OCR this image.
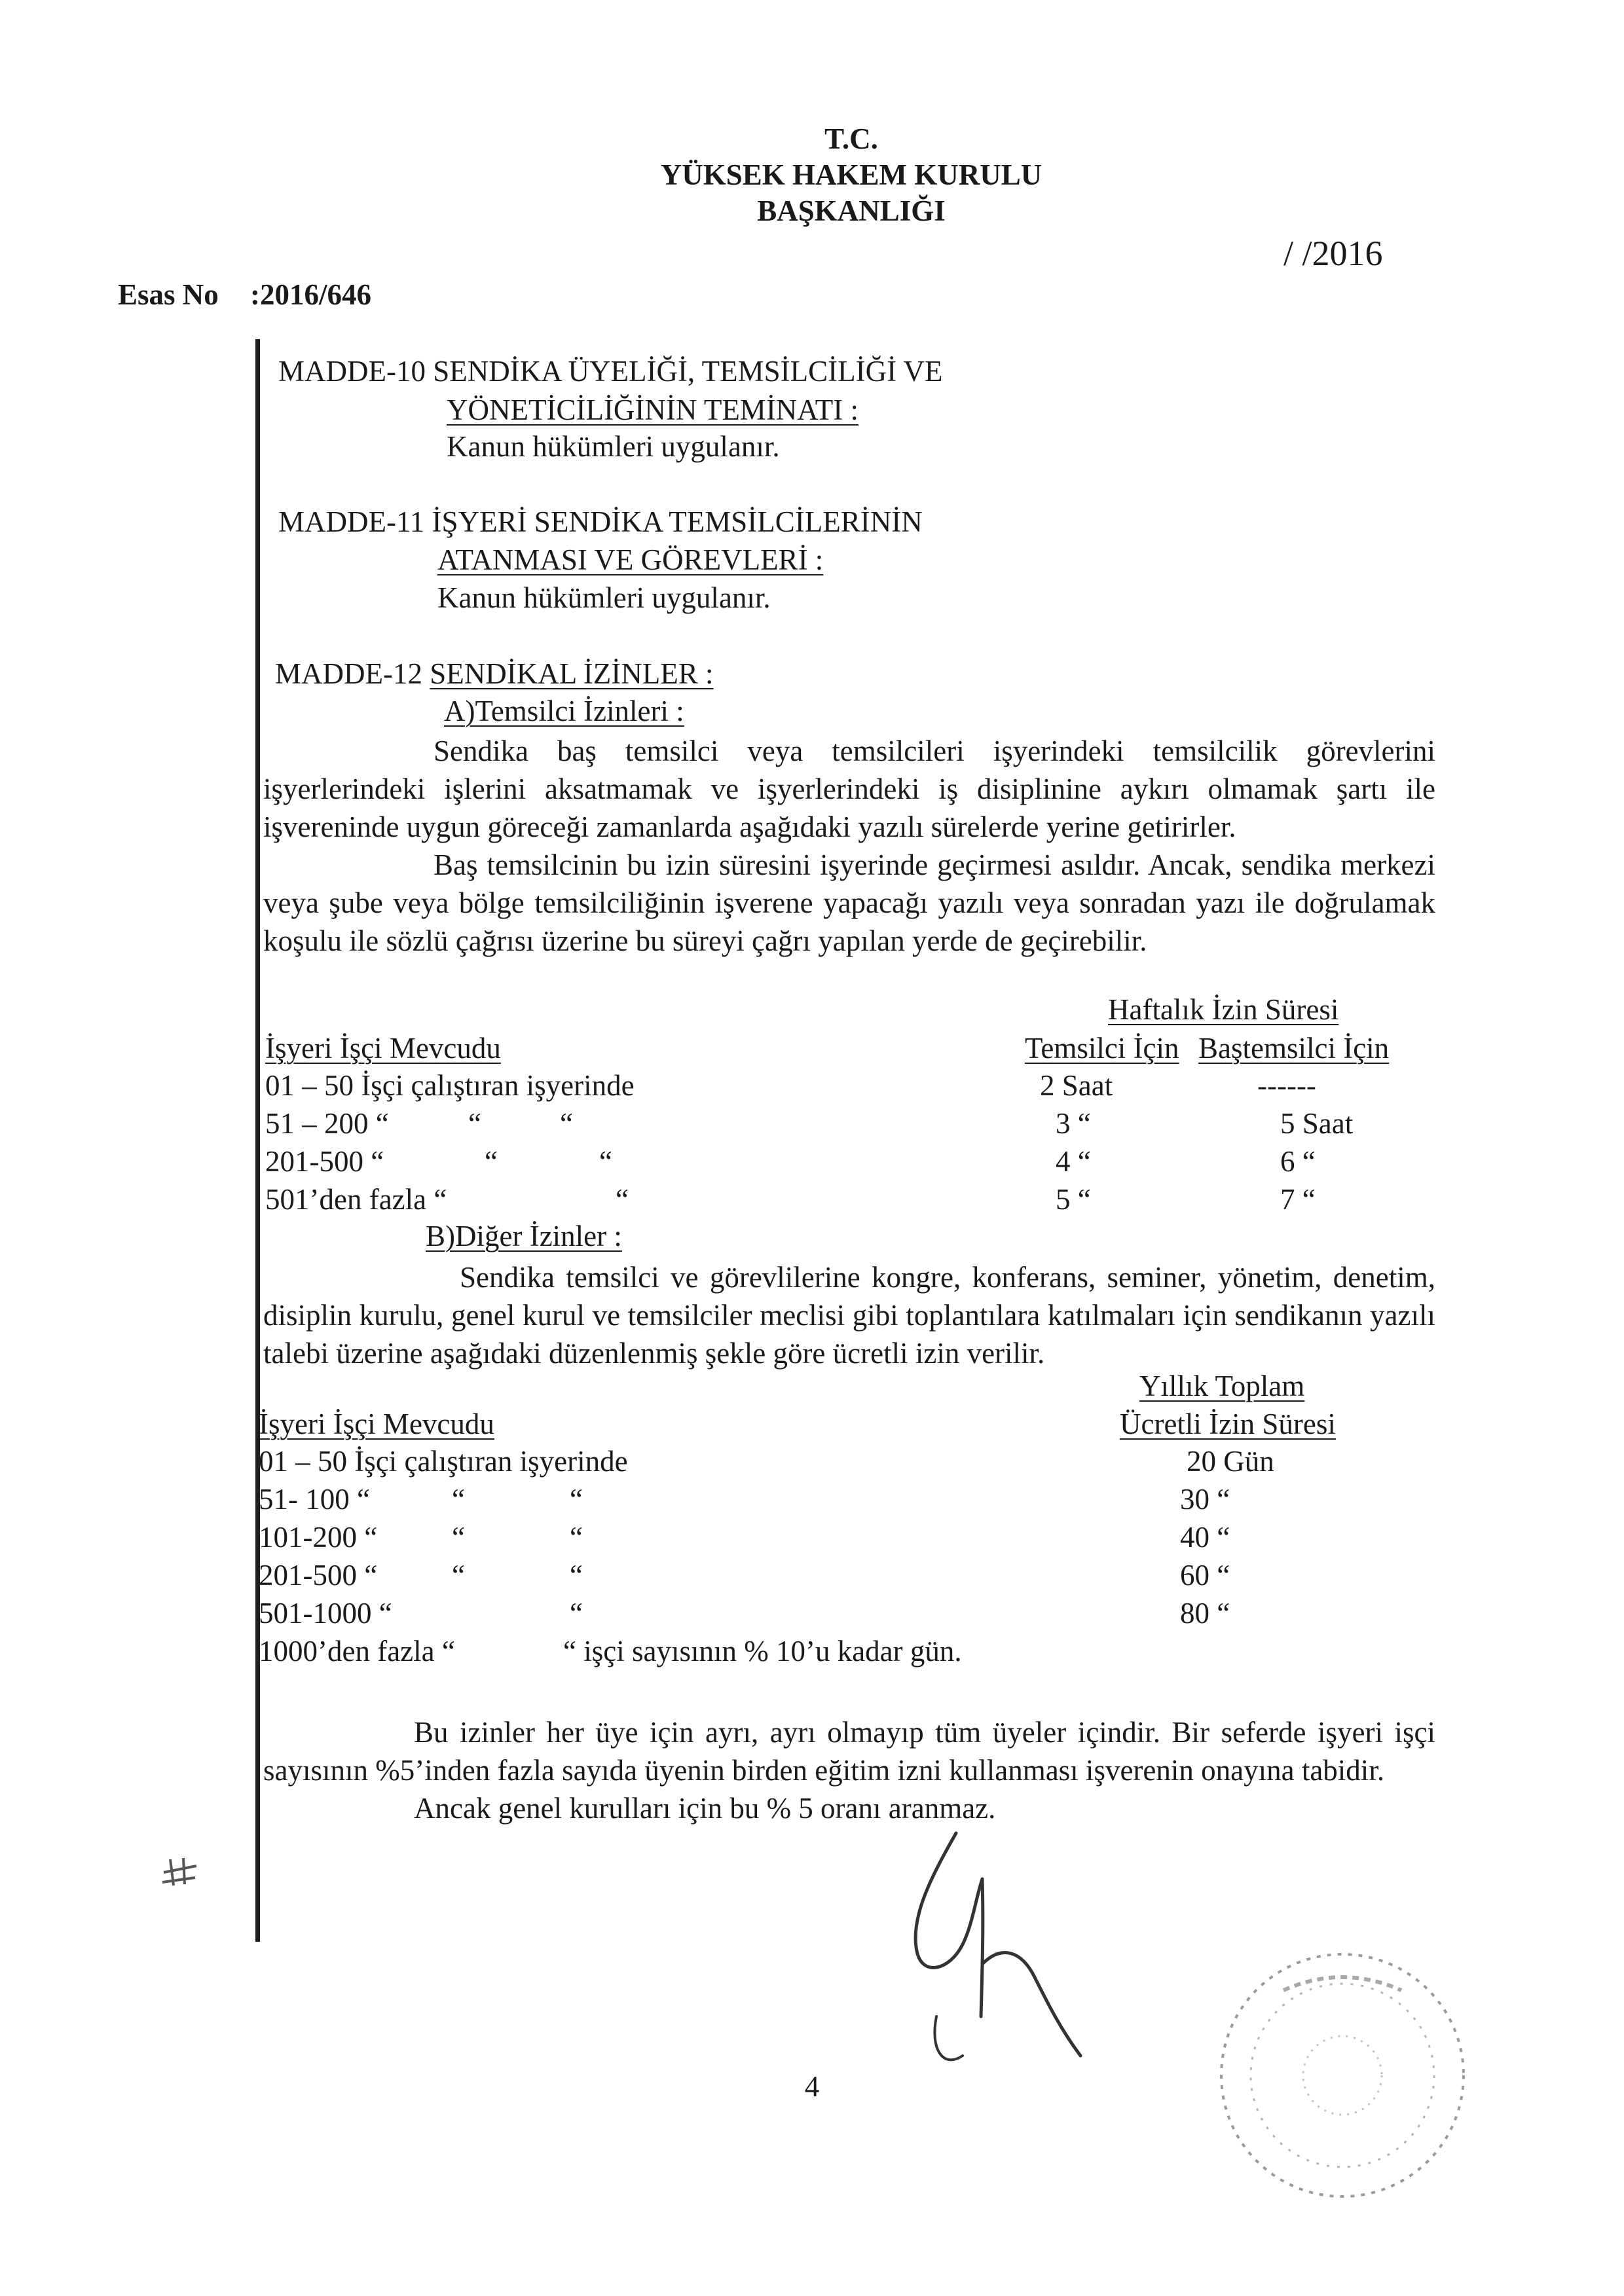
T.C.
YÜKSEK HAKEM KURULU
BAŞKANLIĞI
/ /2016
Esas No :2016/646
MADDE-10 SENDİKA ÜYELİĞİ, TEMSİLCİLİĞİ VE
YÖNETİCİLİĞİNİN TEMİNATI :
Kanun hükümleri uygulanır.
MADDE-11 İŞYERİ SENDİKA TEMSİLCİLERİNİN
ATANMASI VE GÖREVLERİ :
Kanun hükümleri uygulanır.
MADDE-12 SENDİKAL İZİNLER :
A)Temsilci İzinleri :

Sendika baş temsilci veya temsilcileri işyerindeki temsilcilik görevlerini işyerlerindeki işlerini aksatmamak ve işyerlerindeki iş disiplinine aykırı olmamak şartı ile işvereninde uygun göreceği zamanlarda aşağıdaki yazılı sürelerde yerine getirirler.

Baş temsilcinin bu izin süresini işyerinde geçirmesi asıldır. Ancak, sendika merkezi veya şube veya bölge temsilciliğinin işverene yapacağı yazılı veya sonradan yazı ile doğrulamak koşulu ile sözlü çağrısı üzerine bu süreyi çağrı yapılan yerde de geçirebilir.

Haftalık İzin Süresi
İşyeri İşçi Mevcudu	Temsilci İçin Baştemsilci İçin
01 – 50 İşçi çalıştıran işyerinde	2 Saat	------
51 – 200 “	“	“	3 “	5 Saat
201-500 “	“	“	4 “	6 “
501’den fazla “	“	5 “	7 “
B)Diğer İzinler :

Sendika temsilci ve görevlilerine kongre, konferans, seminer, yönetim, denetim, disiplin kurulu, genel kurul ve temsilciler meclisi gibi toplantılara katılmaları için sendikanın yazılı talebi üzerine aşağıdaki düzenlenmiş şekle göre ücretli izin verilir.

Yıllık Toplam
Ücretli İzin Süresi
İşyeri İşçi Mevcudu
01 – 50 İşçi çalıştıran işyerinde	20 Gün
51- 100 “	“	“	30 “
101-200 “	“	“	40 “
201-500 “	“	“	60 “
501-1000 “	“	80 “
1000’den fazla “	“ işçi sayısının % 10’u kadar gün.

Bu izinler her üye için ayrı, ayrı olmayıp tüm üyeler içindir. Bir seferde işyeri işçi sayısının %5’inden fazla sayıda üyenin birden eğitim izni kullanması işverenin onayına tabidir.

Ancak genel kurulları için bu % 5 oranı aranmaz.

4
